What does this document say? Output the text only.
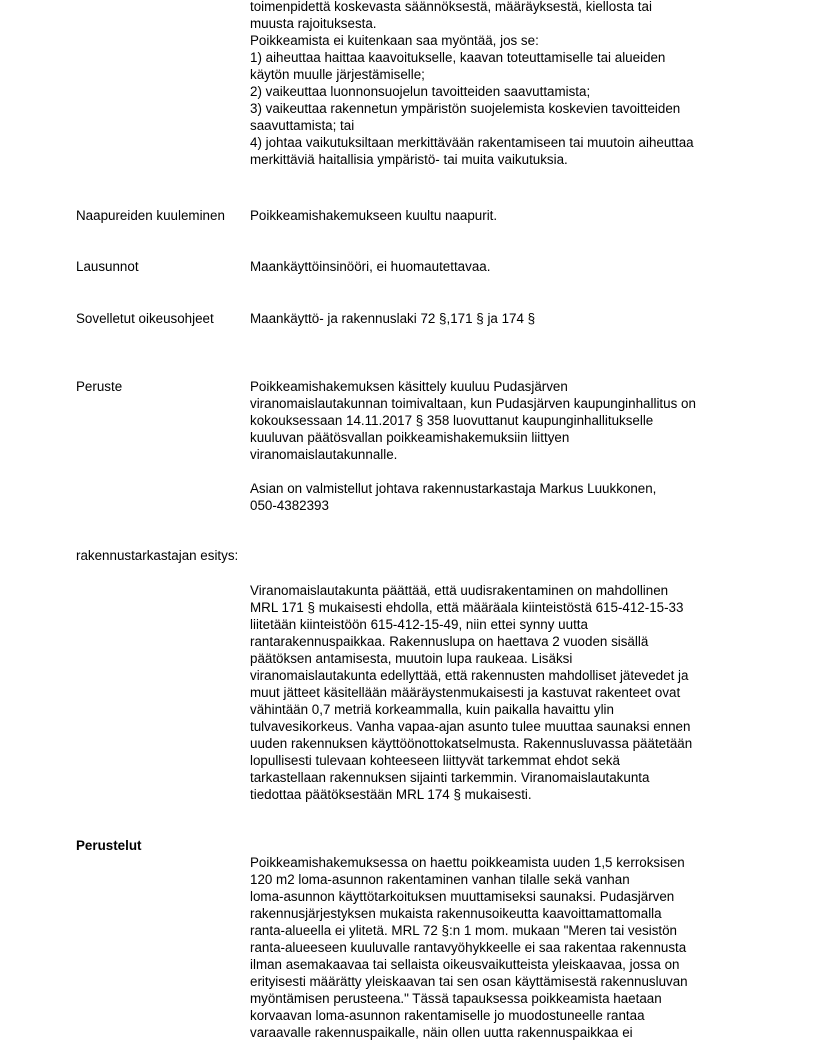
toimenpidettä koskevasta säännöksestä, määräyksestä, kiellosta tai
muusta rajoituksesta.
Poikkeamista ei kuitenkaan saa myöntää, jos se:
1) aiheuttaa haittaa kaavoitukselle, kaavan toteuttamiselle tai alueiden
käytön muulle järjestämiselle;
2) vaikeuttaa luonnonsuojelun tavoitteiden saavuttamista;
3) vaikeuttaa rakennetun ympäristön suojelemista koskevien tavoitteiden
saavuttamista; tai
4) johtaa vaikutuksiltaan merkittävään rakentamiseen tai muutoin aiheuttaa
merkittäviä haitallisia ympäristö- tai muita vaikutuksia.
Naapureiden kuuleminen	Poikkeamishakemukseen kuultu naapurit.
Lausunnot	Maankäyttöinsinööri, ei huomautettavaa.
Sovelletut oikeusohjeet	Maankäyttö- ja rakennuslaki 72 §,171 § ja 174 §
Peruste	Poikkeamishakemuksen käsittely kuuluu Pudasjärven
viranomaislautakunnan toimivaltaan, kun Pudasjärven kaupunginhallitus on
kokouksessaan 14.11.2017 § 358 luovuttanut kaupunginhallitukselle
kuuluvan päätösvallan poikkeamishakemuksiin liittyen
viranomaislautakunnalle.
Asian on valmistellut johtava rakennustarkastaja Markus Luukkonen,
050-4382393
rakennustarkastajan esitys:
Viranomaislautakunta päättää, että uudisrakentaminen on mahdollinen
MRL 171 § mukaisesti ehdolla, että määräala kiinteistöstä 615-412-15-33
liitetään kiinteistöön 615-412-15-49, niin ettei synny uutta
rantarakennuspaikkaa. Rakennuslupa on haettava 2 vuoden sisällä
päätöksen antamisesta, muutoin lupa raukeaa. Lisäksi
viranomaislautakunta edellyttää, että rakennusten mahdolliset jätevedet ja
muut jätteet käsitellään määräystenmukaisesti ja kastuvat rakenteet ovat
vähintään 0,7 metriä korkeammalla, kuin paikalla havaittu ylin
tulvavesikorkeus. Vanha vapaa-ajan asunto tulee muuttaa saunaksi ennen
uuden rakennuksen käyttöönottokatselmusta. Rakennusluvassa päätetään
lopullisesti tulevaan kohteeseen liittyvät tarkemmat ehdot sekä
tarkastellaan rakennuksen sijainti tarkemmin. Viranomaislautakunta
tiedottaa päätöksestään MRL 174 § mukaisesti.
Perustelut
Poikkeamishakemuksessa on haettu poikkeamista uuden 1,5 kerroksisen
120 m2 loma-asunnon rakentaminen vanhan tilalle sekä vanhan
loma-asunnon käyttötarkoituksen muuttamiseksi saunaksi. Pudasjärven
rakennusjärjestyksen mukaista rakennusoikeutta kaavoittamattomalla
ranta-alueella ei ylitetä. MRL 72 §:n 1 mom. mukaan "Meren tai vesistön
ranta-alueeseen kuuluvalle rantavyöhykkeelle ei saa rakentaa rakennusta
ilman asemakaavaa tai sellaista oikeusvaikutteista yleiskaavaa, jossa on
erityisesti määrätty yleiskaavan tai sen osan käyttämisestä rakennusluvan
myöntämisen perusteena." Tässä tapauksessa poikkeamista haetaan
korvaavan loma-asunnon rakentamiselle jo muodostuneelle rantaa
varaavalle rakennuspaikalle, näin ollen uutta rakennuspaikkaa ei
